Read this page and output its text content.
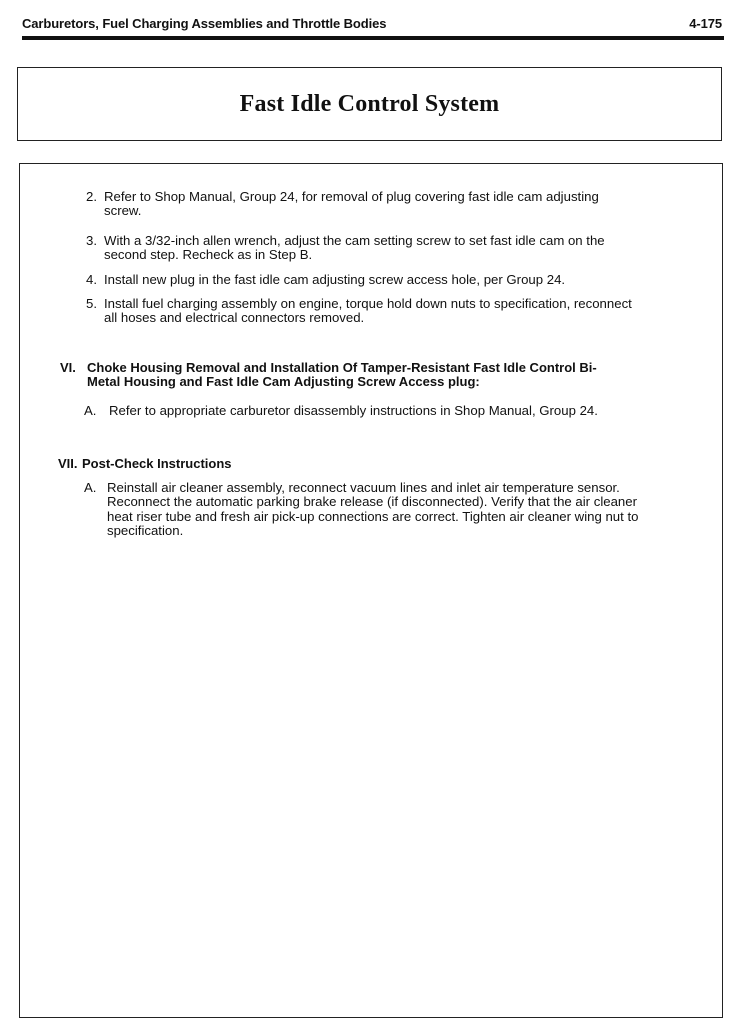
Carburetors, Fuel Charging Assemblies and Throttle Bodies	4-175
Fast Idle Control System
2. Refer to Shop Manual, Group 24, for removal of plug covering fast idle cam adjusting screw.
3. With a 3/32-inch allen wrench, adjust the cam setting screw to set fast idle cam on the second step. Recheck as in Step B.
4. Install new plug in the fast idle cam adjusting screw access hole, per Group 24.
5. Install fuel charging assembly on engine, torque hold down nuts to specification, reconnect all hoses and electrical connectors removed.
VI. Choke Housing Removal and Installation Of Tamper-Resistant Fast Idle Control Bi-Metal Housing and Fast Idle Cam Adjusting Screw Access plug:
A. Refer to appropriate carburetor disassembly instructions in Shop Manual, Group 24.
VII. Post-Check Instructions
A. Reinstall air cleaner assembly, reconnect vacuum lines and inlet air temperature sensor. Reconnect the automatic parking brake release (if disconnected). Verify that the air cleaner heat riser tube and fresh air pick-up connections are correct. Tighten air cleaner wing nut to specification.
